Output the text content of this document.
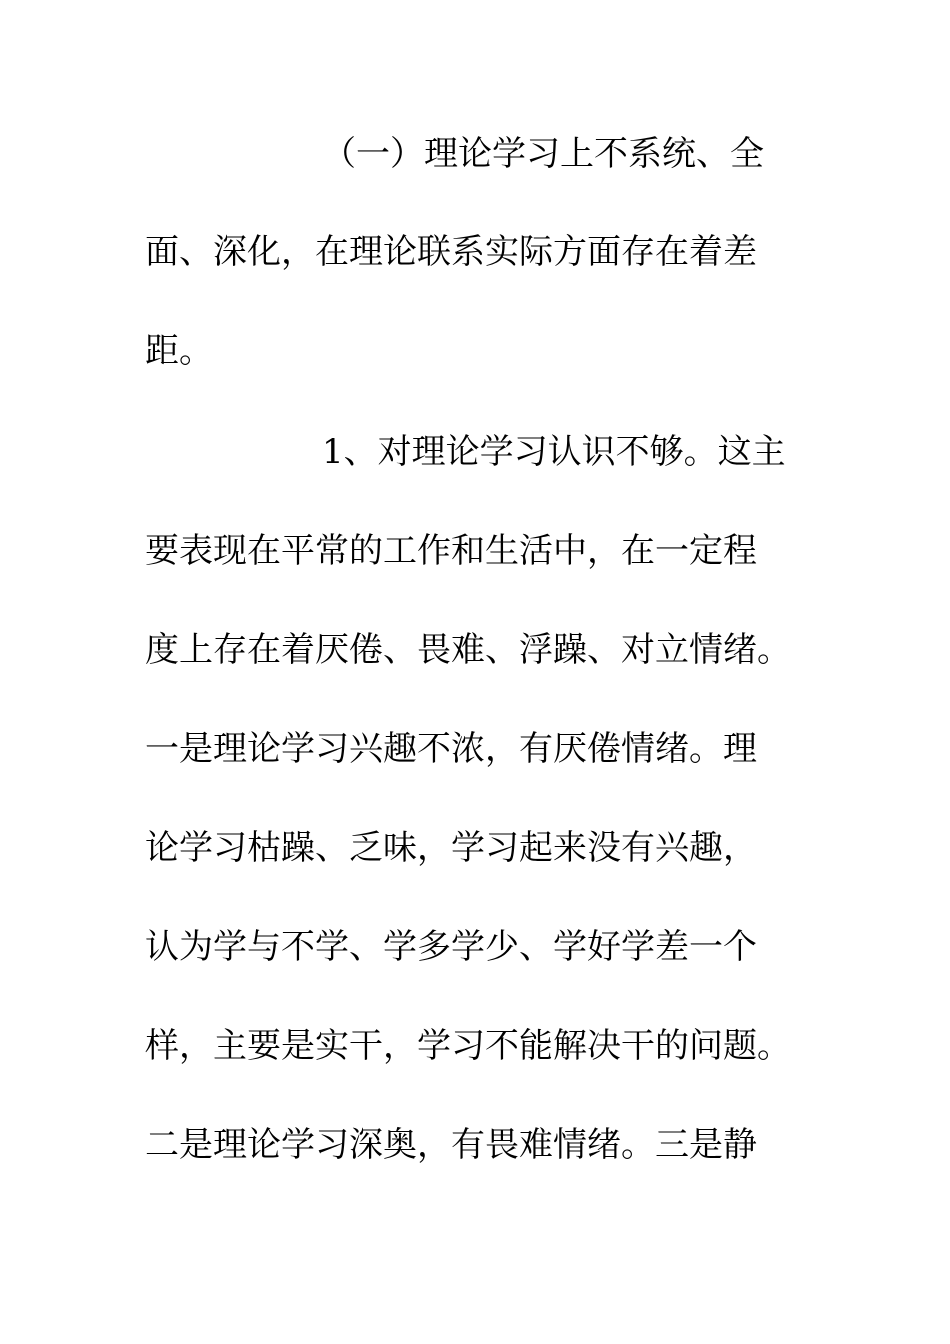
（一）理论学习上不系统、全
面、深化，在理论联系实际方面存在着差
距。
1、对理论学习认识不够。这主
要表现在平常的工作和生活中，在一定程
度上存在着厌倦、畏难、浮躁、对立情绪。
一是理论学习兴趣不浓，有厌倦情绪。理
论学习枯躁、乏味，学习起来没有兴趣，
认为学与不学、学多学少、学好学差一个
样，主要是实干，学习不能解决干的问题。
二是理论学习深奥，有畏难情绪。三是静
